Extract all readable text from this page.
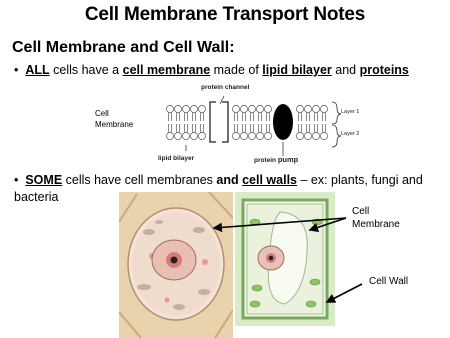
Cell Membrane Transport Notes
Cell Membrane and Cell Wall:
• ALL cells have a cell membrane made of lipid bilayer and proteins
Cell
Membrane
protein channel
lipid bilayer	protein pump
Layer 1
Layer 2
• SOME cells have cell membranes and cell walls – ex: plants, fungi and bacteria
Cell
Membrane
Cell Wall
